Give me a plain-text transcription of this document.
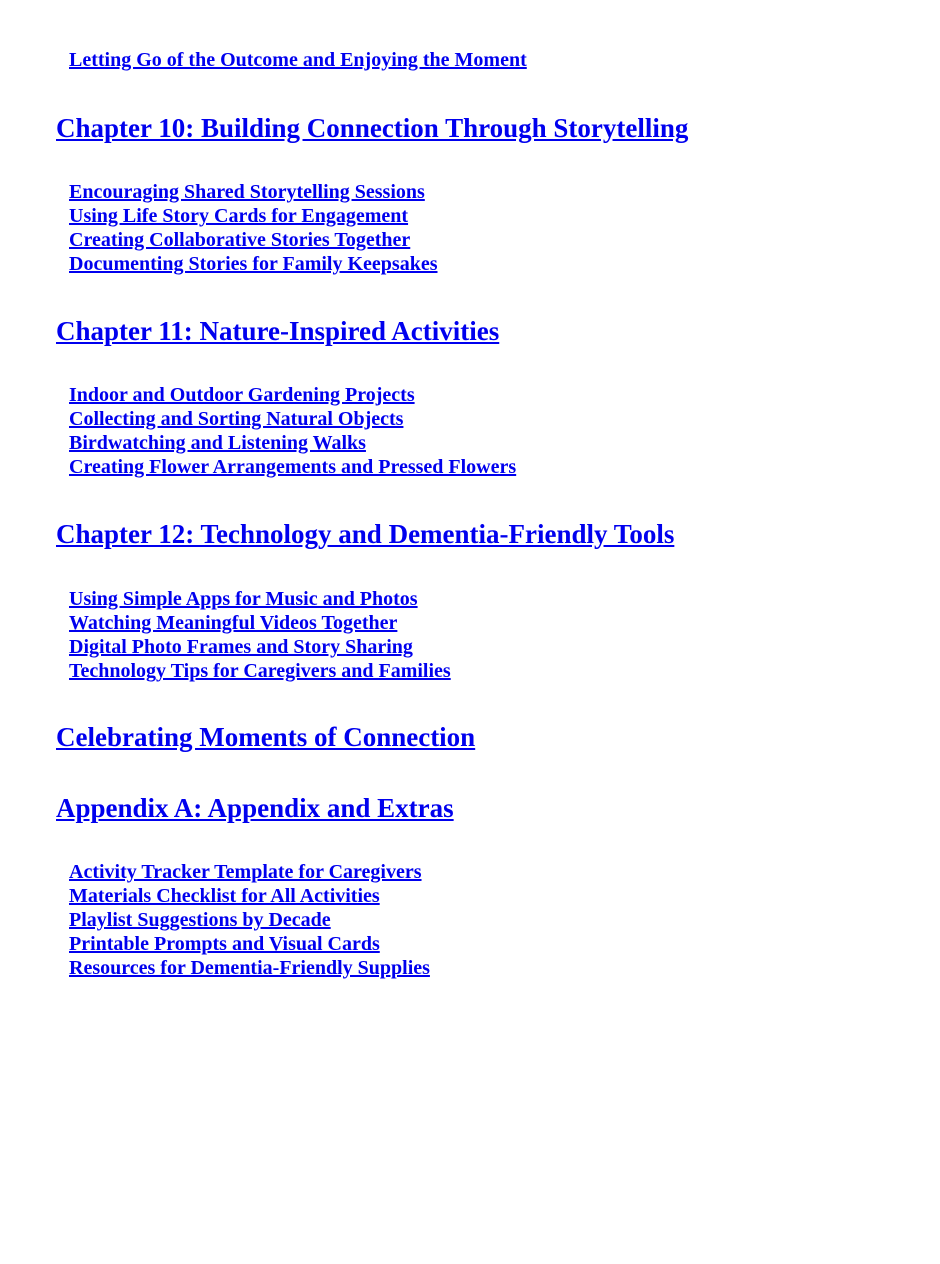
Letting Go of the Outcome and Enjoying the Moment
Chapter 10: Building Connection Through Storytelling
Encouraging Shared Storytelling Sessions
Using Life Story Cards for Engagement
Creating Collaborative Stories Together
Documenting Stories for Family Keepsakes
Chapter 11: Nature-Inspired Activities
Indoor and Outdoor Gardening Projects
Collecting and Sorting Natural Objects
Birdwatching and Listening Walks
Creating Flower Arrangements and Pressed Flowers
Chapter 12: Technology and Dementia-Friendly Tools
Using Simple Apps for Music and Photos
Watching Meaningful Videos Together
Digital Photo Frames and Story Sharing
Technology Tips for Caregivers and Families
Celebrating Moments of Connection
Appendix A: Appendix and Extras
Activity Tracker Template for Caregivers
Materials Checklist for All Activities
Playlist Suggestions by Decade
Printable Prompts and Visual Cards
Resources for Dementia-Friendly Supplies
